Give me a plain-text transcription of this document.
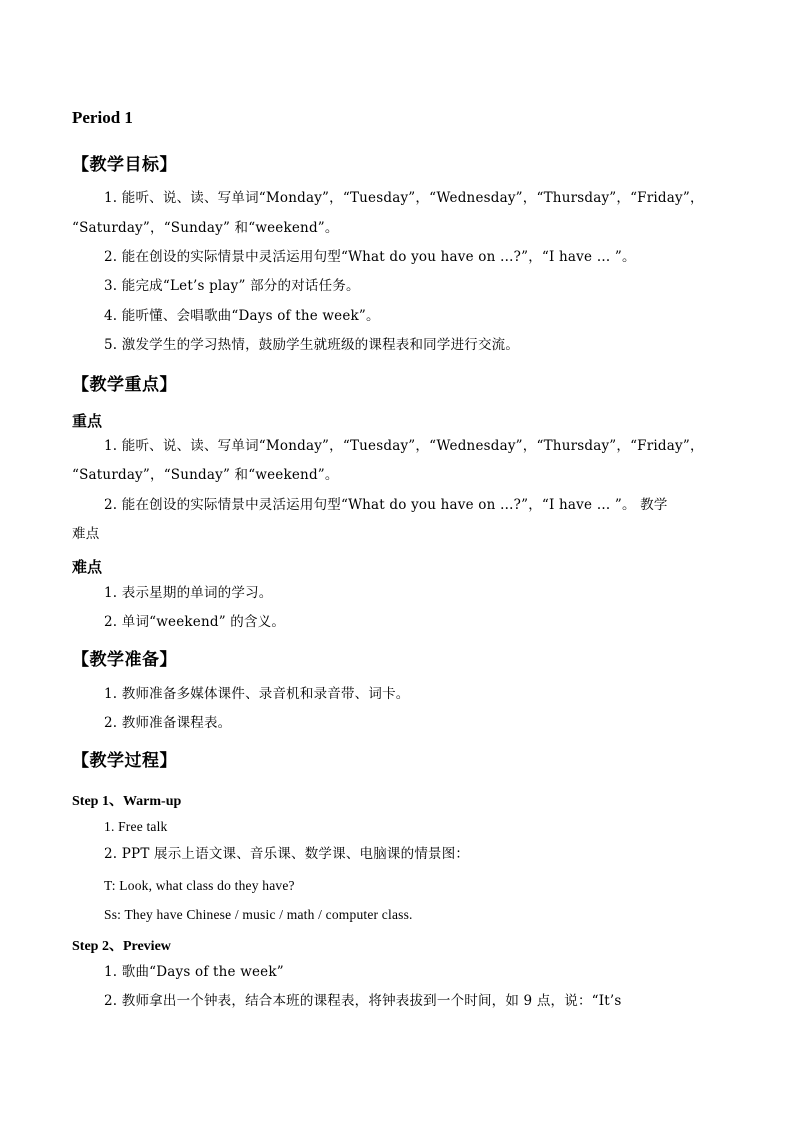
Period 1
【教学目标】
1. 能听、说、读、写单词“Monday”，“Tuesday”，“Wednesday”，“Thursday”，“Friday”，
“Saturday”，“Sunday” 和“weekend”。
2. 能在创设的实际情景中灵活运用句型“What do you have on …?”，“I have … ”。
3. 能完成“Let’s play” 部分的对话任务。
4. 能听懂、会唱歌曲“Days of the week”。
5. 激发学生的学习热情，鼓励学生就班级的课程表和同学进行交流。
【教学重点】
重点
1. 能听、说、读、写单词“Monday”，“Tuesday”，“Wednesday”，“Thursday”，“Friday”，
“Saturday”，“Sunday” 和“weekend”。
2. 能在创设的实际情景中灵活运用句型“What do you have on …?”，“I have … ”。 教学
难点
难点
1. 表示星期的单词的学习。
2. 单词“weekend” 的含义。
【教学准备】
1. 教师准备多媒体课件、录音机和录音带、词卡。
2. 教师准备课程表。
【教学过程】
Step 1、Warm-up
1. Free talk
2. PPT 展示上语文课、音乐课、数学课、电脑课的情景图：
T: Look, what class do they have?
Ss: They have Chinese / music / math / computer class.
Step 2、Preview
1. 歌曲“Days of the week”
2. 教师拿出一个钟表，结合本班的课程表，将钟表拔到一个时间，如 9 点，说：“It’s
